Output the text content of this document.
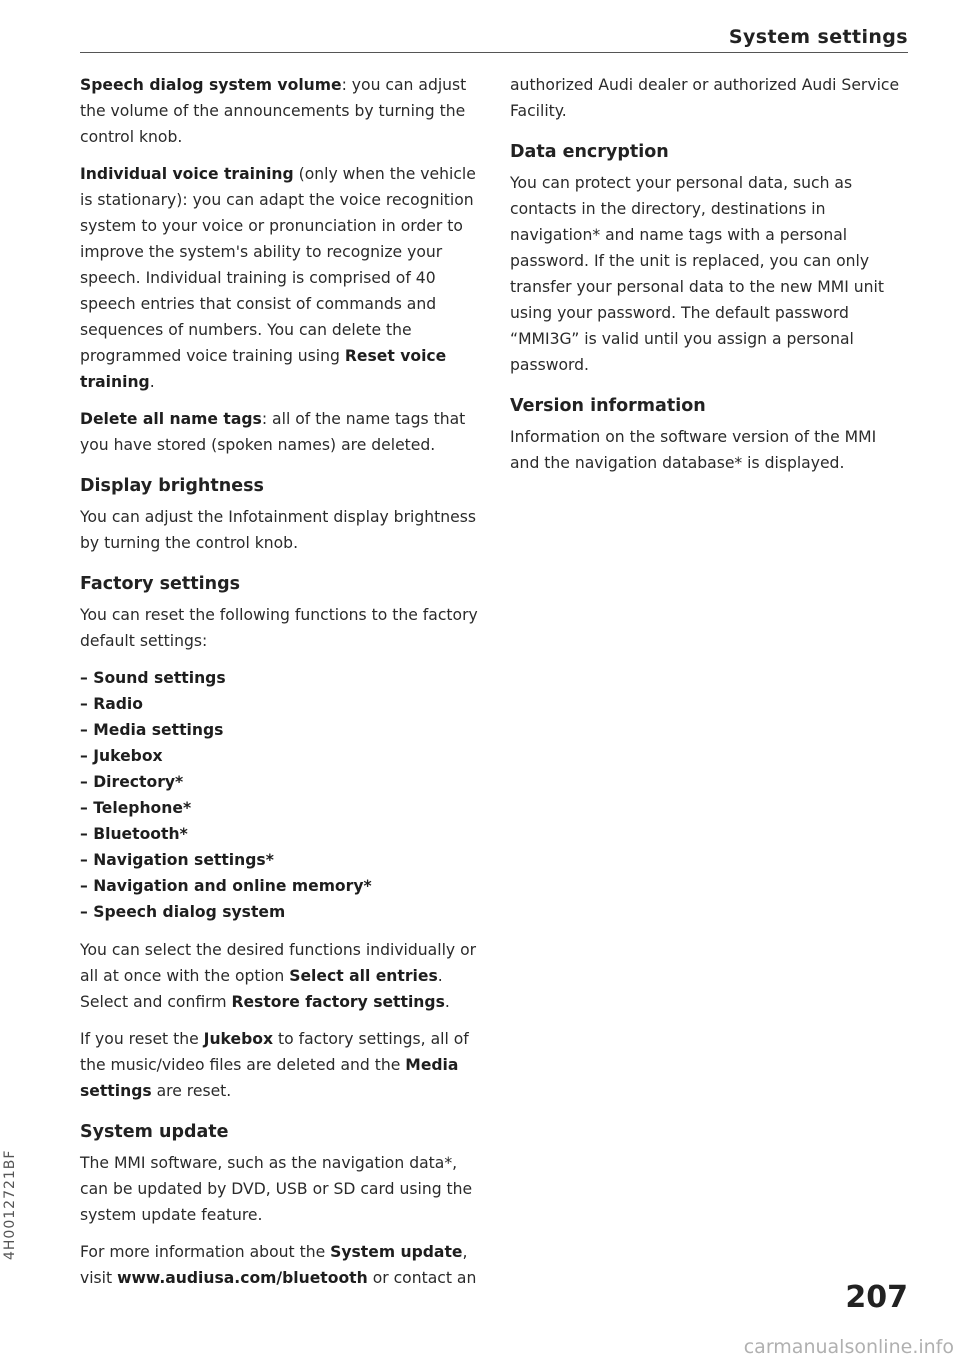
System settings

Speech dialog system volume: you can adjust the volume of the announcements by turning the control knob.

Individual voice training (only when the vehicle is stationary): you can adapt the voice recognition system to your voice or pronunciation in order to improve the system's ability to recognize your speech. Individual training is comprised of 40 speech entries that consist of commands and sequences of numbers. You can delete the programmed voice training using Reset voice training.

Delete all name tags: all of the name tags that you have stored (spoken names) are deleted.

Display brightness

You can adjust the Infotainment display brightness by turning the control knob.

Factory settings

You can reset the following functions to the factory default settings:

– Sound settings
– Radio
– Media settings
– Jukebox
– Directory*
– Telephone*
– Bluetooth*
– Navigation settings*
– Navigation and online memory*
– Speech dialog system

You can select the desired functions individually or all at once with the option Select all entries. Select and confirm Restore factory settings.

If you reset the Jukebox to factory settings, all of the music/video files are deleted and the Media settings are reset.

System update

The MMI software, such as the navigation data*, can be updated by DVD, USB or SD card using the system update feature.

For more information about the System update, visit www.audiusa.com/bluetooth or contact an

authorized Audi dealer or authorized Audi Service Facility.

Data encryption

You can protect your personal data, such as contacts in the directory, destinations in navigation* and name tags with a personal password. If the unit is replaced, you can only transfer your personal data to the new MMI unit using your password. The default password “MMI3G” is valid until you assign a personal password.

Version information

Information on the software version of the MMI and the navigation database* is displayed.

4H0012721BF
207
carmanualsonline.info
